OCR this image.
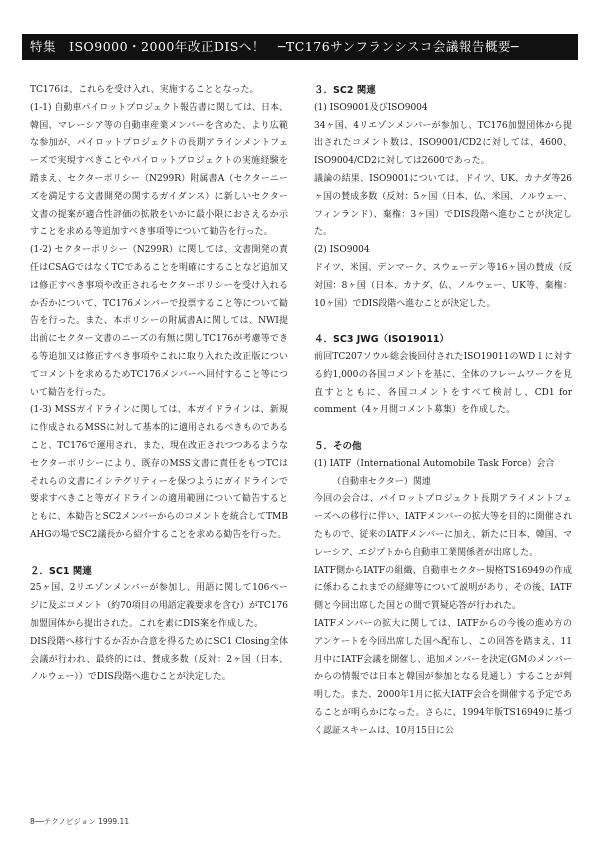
特集　ISO9000・2000年改正DISへ！　─TC176サンフランシスコ会議報告概要─

TC176は、これらを受け入れ、実施することとなった。

(1-1) 自動車パイロットプロジェクト報告書に関しては、日本、韓国、マレーシア等の自動車産業メンバーを含めた、より広範な参加が、パイロットプロジェクトの長期アラインメントフェーズで実現すべきことやパイロットプロジェクトの実施経験を踏まえ、セクターポリシー（N299R）附属書A（セクターニーズを満足する文書開発の関するガイダンス）に新しいセクター文書の提案が適合性評価の拡散をいかに最小限におさえるか示すことを求める等追加すべき事項等について勧告を行った。

(1-2) セクターポリシー（N299R）に関しては、文書開発の責任はCSAGではなくTCであることを明確にすることなど追加又は修正すべき事項や改正されるセクターポリシーを受け入れるか否かについて、TC176メンバーで投票すること等について勧告を行った。また、本ポリシーの附属書Aに関しては、NWI提出前にセクター文書のニーズの有無に関しTC176が考慮等できる等追加又は修正すべき事項やこれに取り入れた改正版についてコメントを求めるためTC176メンバーへ回付すること等について勧告を行った。

(1-3) MSSガイドラインに関しては、本ガイドラインは、新規に作成されるMSSに対して基本的に適用されるべきものであること、TC176で運用され、また、現在改正されつつあるようなセクターポリシーにより、既存のMSS文書に責任をもつTCはそれらの文書にインテグリティーを保つようにガイドラインで要求すべきこと等ガイドラインの適用範囲について勧告するとともに、本勧告とSC2メンバーからのコメントを統合してTMB AHGの場でSC2議長から紹介することを求める勧告を行った。

２．SC1 関連

25ヶ国、2リエゾンメンバーが参加し、用語に関して106ページに及ぶコメント（約70項目の用語定義要求を含む）がTC176加盟国体から提出された。これを素にDIS案を作成した。

DIS段階へ移行するか否か合意を得るためにSC1 Closing全体会議が行われ、最終的には、賛成多数（反対：2ヶ国（日本、ノルウェー））でDIS段階へ進むことが決定した。

３．SC2 関連

(1) ISO9001及びISO9004

34ヶ国、4リエゾンメンバーが参加し、TC176加盟団体から提出されたコメント数は、ISO9001/CD2に対しては、4600、ISO9004/CD2に対しては2600であった。

議論の結果、ISO9001については、ドイツ、UK、カナダ等26ヶ国の賛成多数（反対：5ヶ国（日本、仏、米国、ノルウェー、フィンランド）、棄権：3ヶ国）でDIS段階へ進むことが決定した。

(2) ISO9004

ドイツ、米国、デンマーク、スウェーデン等16ヶ国の賛成（反対国：8ヶ国（日本、カナダ、仏、ノルウェー、UK等、棄権：10ヶ国）でDIS段階へ進むことが決定した。

４．SC3 JWG（ISO19011）

前回TC207ソウル総会後回付されたISO19011のWD１に対する約1,000の各国コメントを基に、全体のフレームワークを見直すとともに、各国コメントをすべて検討し、CD1 for comment（4ヶ月間コメント募集）を作成した。

５．その他

(1) IATF（International Automobile Task Force）会合

（自動車セクター）関連

今回の会合は、パイロットプロジェクト長期アライメントフェーズへの移行に伴い、IATFメンバーの拡大等を目的に開催されたもので、従来のIATFメンバーに加え、新たに日本、韓国、マレーシア、エジプトから自動車工業関係者が出席した。

IATF側からIATFの組織、自動車セクター規格TS16949の作成に係わるこれまでの経緯等について説明があり、その後、IATF側と今回出席した国との間で質疑応答が行われた。

IATFメンバーの拡大に関しては、IATFからの今後の進め方のアンケートを今回出席した国へ配布し、この回答を踏まえ、11月中にIATF会議を開催し、追加メンバーを決定(GMのメンバーからの情報では日本と韓国が参加となる見通し）することが判明した。また、2000年1月に拡大IATF会合を開催する予定であることが明らかになった。さらに、1994年版TS16949に基づく認証スキームは、10月15日に公

8──テクノビジョン 1999.11
